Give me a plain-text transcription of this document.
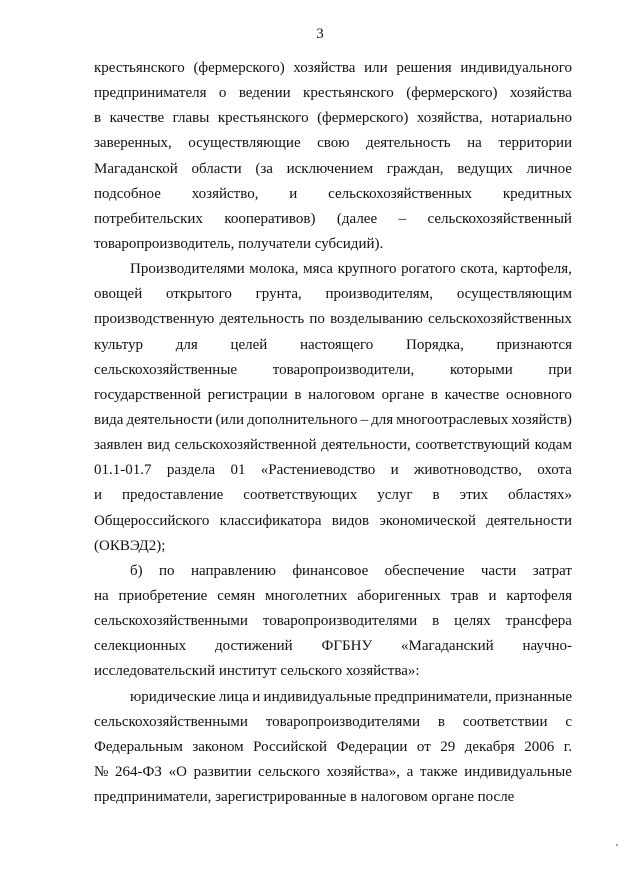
3
крестьянского (фермерского) хозяйства или решения индивидуального
предпринимателя о ведении крестьянского (фермерского) хозяйства
в качестве главы крестьянского (фермерского) хозяйства, нотариально
заверенных, осуществляющие свою деятельность на территории
Магаданской области (за исключением граждан, ведущих личное
подсобное хозяйство, и сельскохозяйственных кредитных
потребительских кооперативов) (далее – сельскохозяйственный
товаропроизводитель, получатели субсидий).
Производителями молока, мяса крупного рогатого скота, картофеля,
овощей открытого грунта, производителям, осуществляющим
производственную деятельность по возделыванию сельскохозяйственных
культур для целей настоящего Порядка, признаются
сельскохозяйственные товаропроизводители, которыми при
государственной регистрации в налоговом органе в качестве основного
вида деятельности (или дополнительного – для многоотраслевых хозяйств)
заявлен вид сельскохозяйственной деятельности, соответствующий кодам
01.1-01.7 раздела 01 «Растениеводство и животноводство, охота
и предоставление соответствующих услуг в этих областях»
Общероссийского классификатора видов экономической деятельности
(ОКВЭД2);
б) по направлению финансовое обеспечение части затрат
на приобретение семян многолетних аборигенных трав и картофеля
сельскохозяйственными товаропроизводителями в целях трансфера
селекционных достижений ФГБНУ «Магаданский научно-
исследовательский институт сельского хозяйства»:
юридические лица и индивидуальные предприниматели, признанные
сельскохозяйственными товаропроизводителями в соответствии с
Федеральным законом Российской Федерации от 29 декабря 2006 г.
№ 264-ФЗ «О развитии сельского хозяйства», а также индивидуальные
предприниматели, зарегистрированные в налоговом органе после
